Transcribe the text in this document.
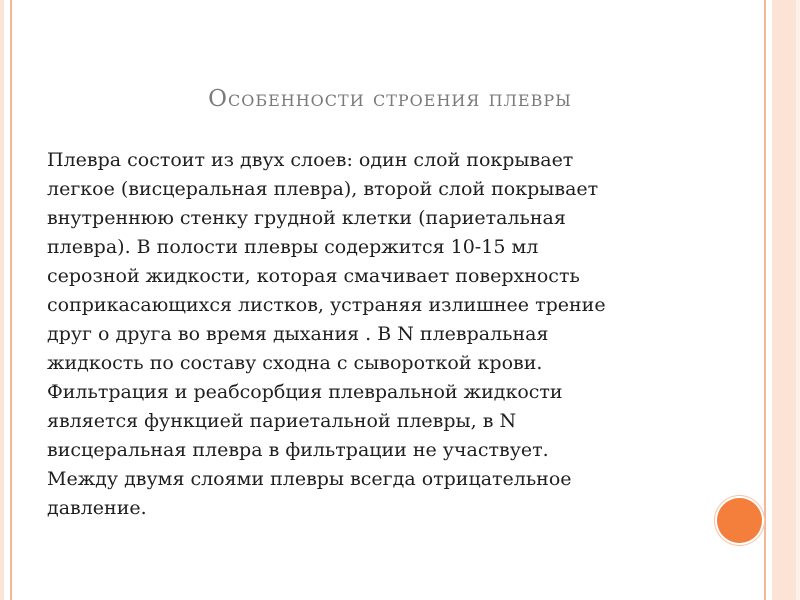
Особенности строения плевры
Плевра состоит из двух слоев: один слой покрывает
легкое (висцеральная плевра), второй слой покрывает
внутреннюю стенку грудной клетки (париетальная
плевра). В полости плевры содержится 10-15 мл
серозной жидкости, которая смачивает поверхность
соприкасающихся листков, устраняя излишнее трение
друг о друга во время дыхания . В N плевральная
жидкость по составу сходна с сывороткой крови.
Фильтрация и реабсорбция плевральной жидкости
является функцией париетальной плевры, в N
висцеральная плевра в фильтрации не участвует.
Между двумя слоями плевры всегда отрицательное
давление.
